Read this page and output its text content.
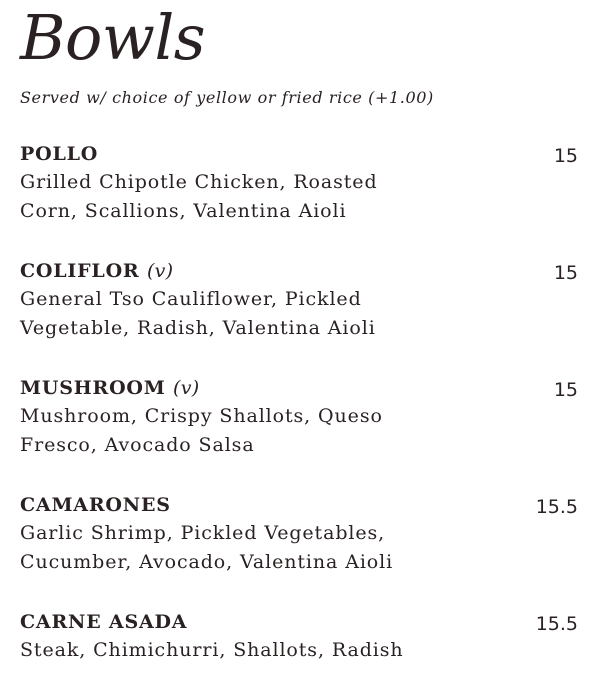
Bowls
Served w/ choice of yellow or fried rice (+1.00)
POLLO	15
Grilled Chipotle Chicken, Roasted
Corn, Scallions, Valentina Aioli
COLIFLOR (v)	15
General Tso Cauliflower, Pickled
Vegetable, Radish, Valentina Aioli
MUSHROOM (v)	15
Mushroom, Crispy Shallots, Queso
Fresco, Avocado Salsa
CAMARONES	15.5
Garlic Shrimp, Pickled Vegetables,
Cucumber, Avocado, Valentina Aioli
CARNE ASADA	15.5
Steak, Chimichurri, Shallots, Radish
